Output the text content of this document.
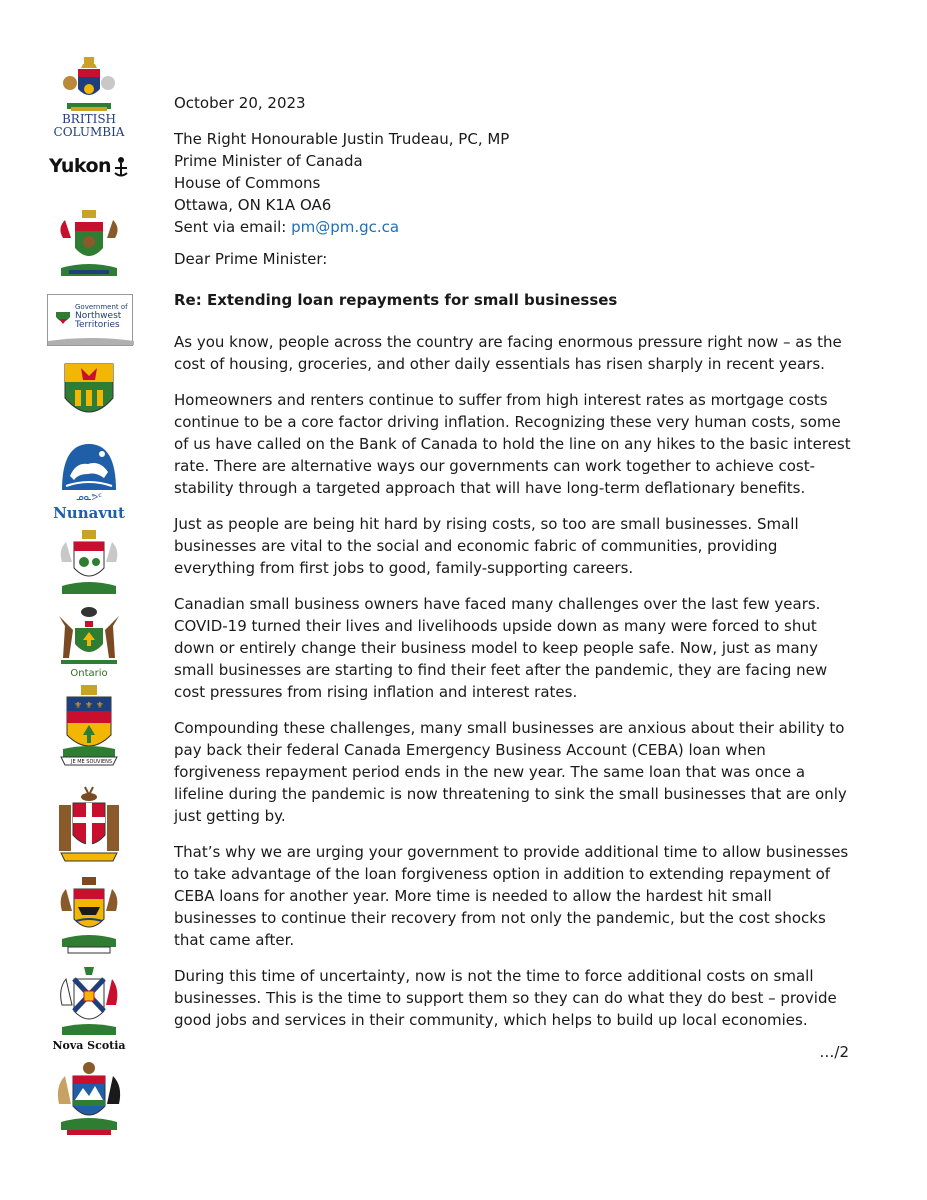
BRITISH
COLUMBIA
Yukon
Government of
Northwest
Territories
ᓄᓇᕗᑦ
Nunavut
Ontario
⚜ ⚜ ⚜
JE ME SOUVIENS
Nova Scotia

October 20, 2023

The Right Honourable Justin Trudeau, PC, MP

Prime Minister of Canada

House of Commons

Ottawa, ON K1A OA6

Sent via email: pm@pm.gc.ca

Dear Prime Minister:

Re: Extending loan repayments for small businesses

As you know, people across the country are facing enormous pressure right now – as the cost of housing, groceries, and other daily essentials has risen sharply in recent years.

Homeowners and renters continue to suffer from high interest rates as mortgage costs continue to be a core factor driving inflation. Recognizing these very human costs, some of us have called on the Bank of Canada to hold the line on any hikes to the basic interest rate. There are alternative ways our governments can work together to achieve cost-stability through a targeted approach that will have long-term deflationary benefits.

Just as people are being hit hard by rising costs, so too are small businesses. Small businesses are vital to the social and economic fabric of communities, providing everything from first jobs to good, family-supporting careers.

Canadian small business owners have faced many challenges over the last few years. COVID-19 turned their lives and livelihoods upside down as many were forced to shut down or entirely change their business model to keep people safe. Now, just as many small businesses are starting to find their feet after the pandemic, they are facing new cost pressures from rising inflation and interest rates.

Compounding these challenges, many small businesses are anxious about their ability to pay back their federal Canada Emergency Business Account (CEBA) loan when forgiveness repayment period ends in the new year. The same loan that was once a lifeline during the pandemic is now threatening to sink the small businesses that are only just getting by.

That’s why we are urging your government to provide additional time to allow businesses to take advantage of the loan forgiveness option in addition to extending repayment of CEBA loans for another year. More time is needed to allow the hardest hit small businesses to continue their recovery from not only the pandemic, but the cost shocks that came after.

During this time of uncertainty, now is not the time to force additional costs on small businesses. This is the time to support them so they can do what they do best – provide good jobs and services in their community, which helps to build up local economies.

…/2
